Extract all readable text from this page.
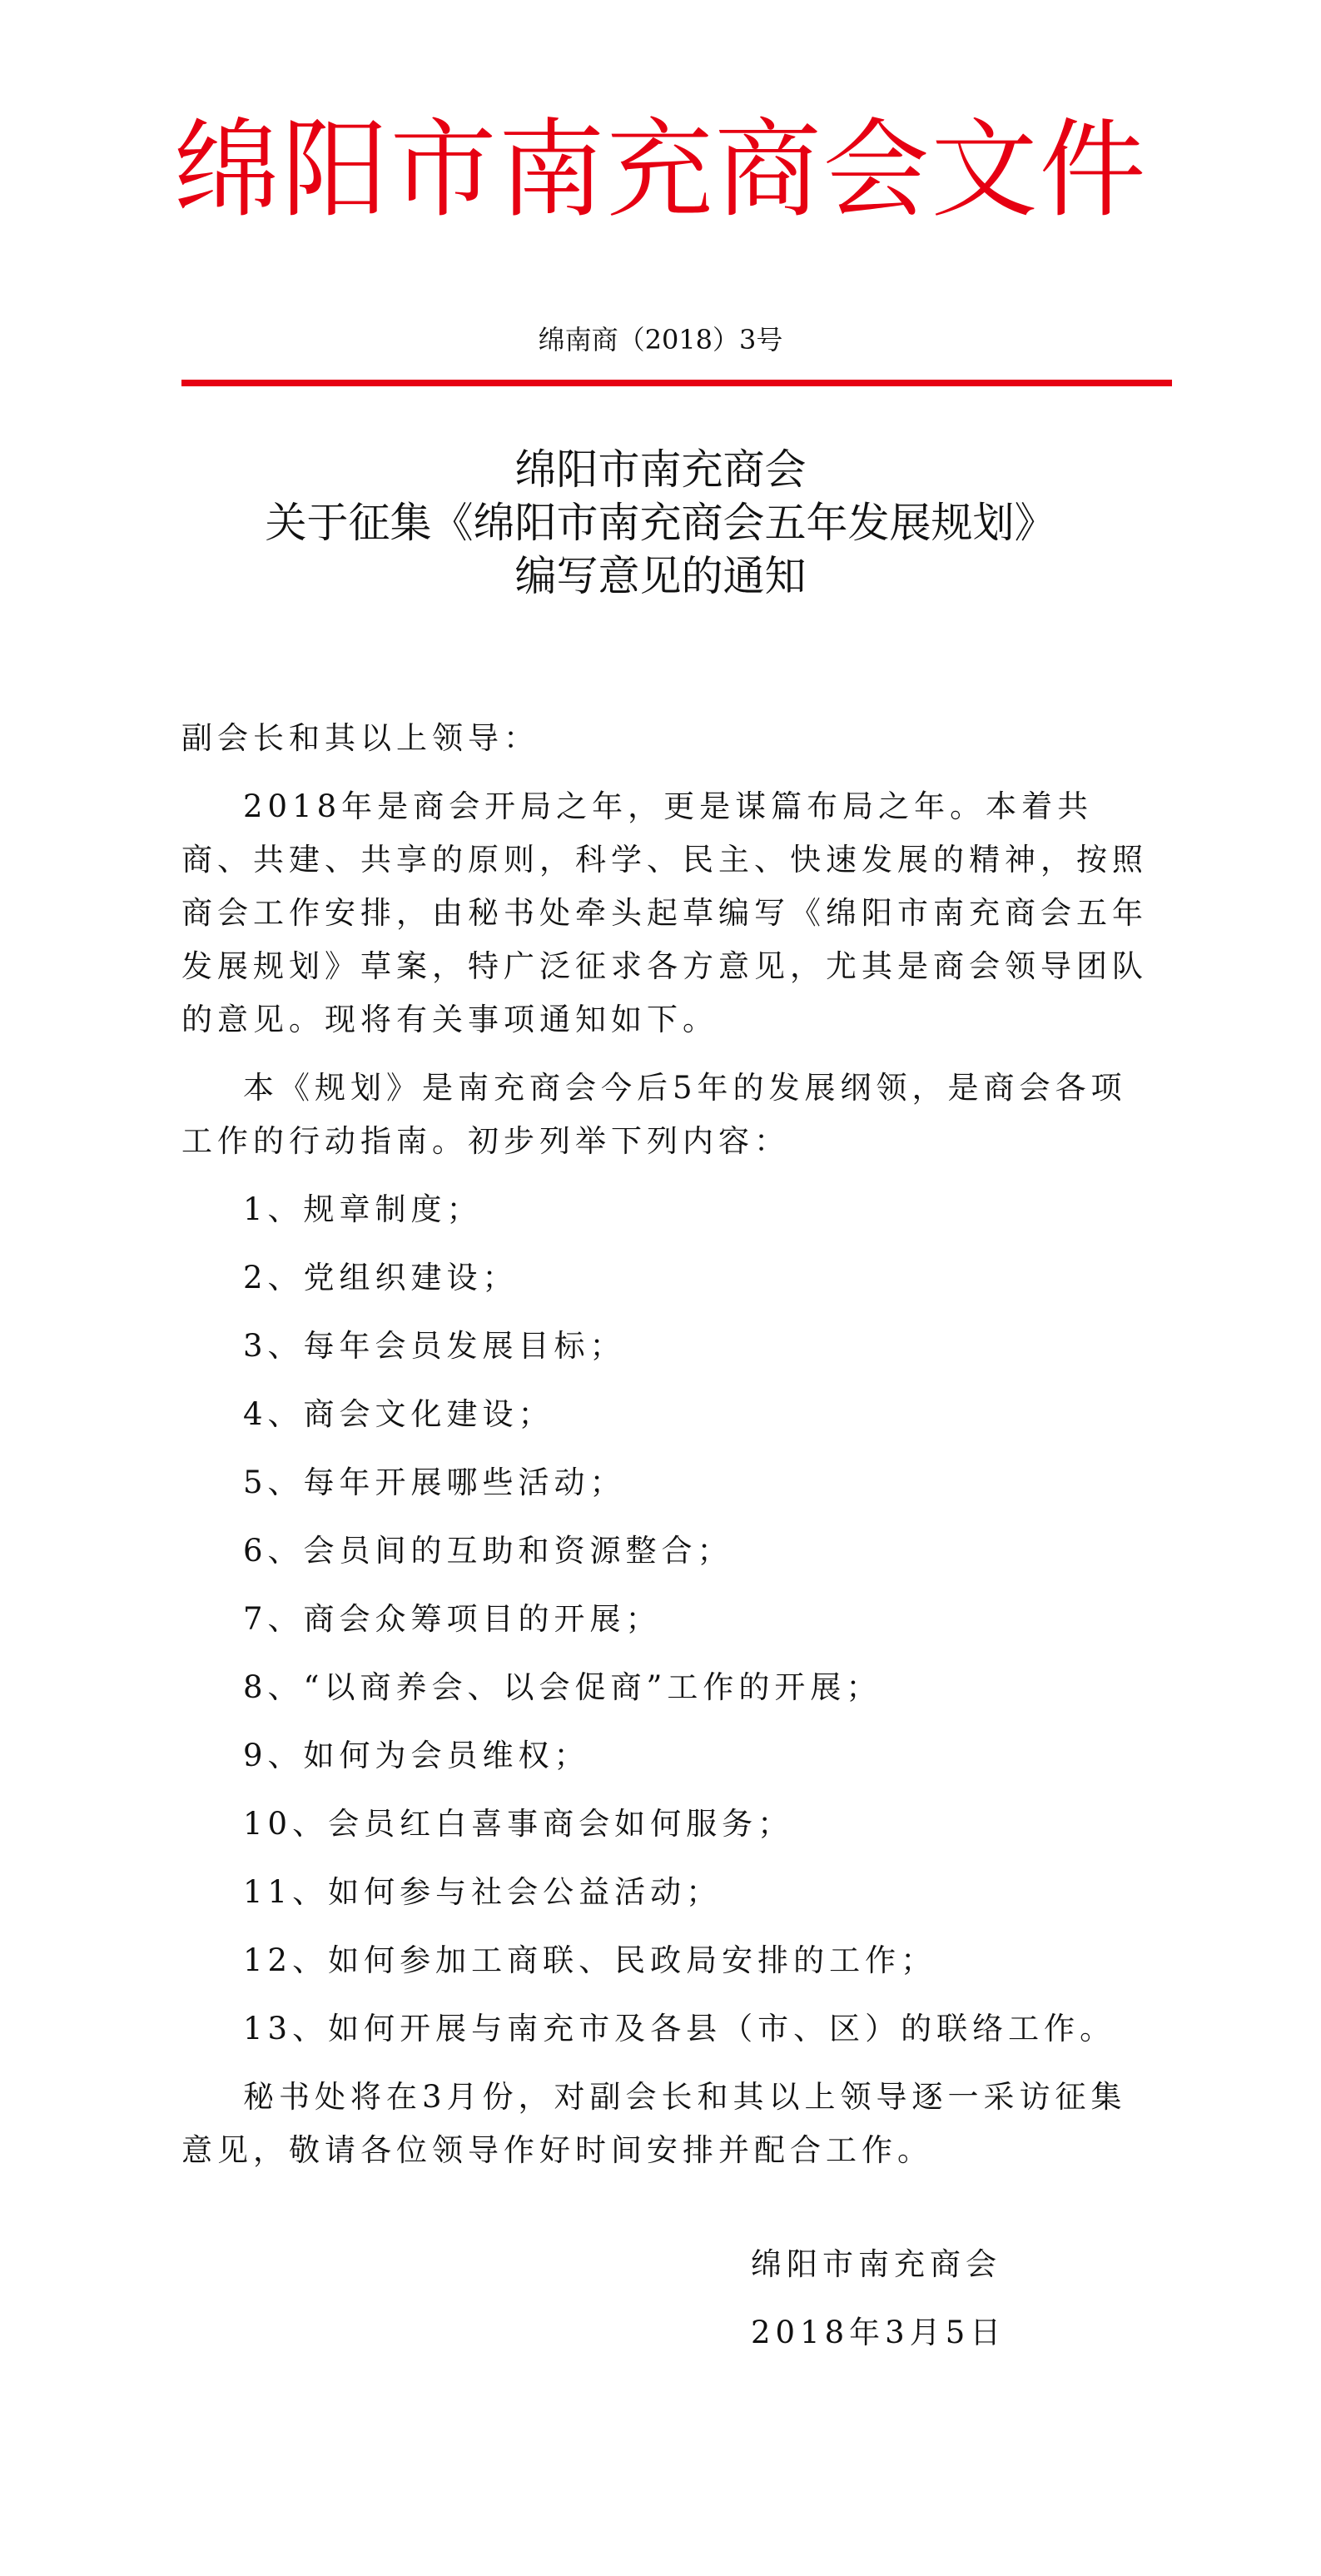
绵阳市南充商会文件
绵南商（2018）3号
绵阳市南充商会
关于征集《绵阳市南充商会五年发展规划》
编写意见的通知

副会长和其以上领导：

2018年是商会开局之年，更是谋篇布局之年。本着共商、共建、共享的原则，科学、民主、快速发展的精神，按照商会工作安排，由秘书处牵头起草编写《绵阳市南充商会五年发展规划》草案，特广泛征求各方意见，尤其是商会领导团队的意见。现将有关事项通知如下。

本《规划》是南充商会今后5年的发展纲领，是商会各项工作的行动指南。初步列举下列内容：

1、规章制度；

2、党组织建设；

3、每年会员发展目标；

4、商会文化建设；

5、每年开展哪些活动；

6、会员间的互助和资源整合；

7、商会众筹项目的开展；

8、“以商养会、以会促商”工作的开展；

9、如何为会员维权；

10、会员红白喜事商会如何服务；

11、如何参与社会公益活动；

12、如何参加工商联、民政局安排的工作；

13、如何开展与南充市及各县（市、区）的联络工作。

秘书处将在3月份，对副会长和其以上领导逐一采访征集意见，敬请各位领导作好时间安排并配合工作。

绵阳市南充商会
2018年3月5日
